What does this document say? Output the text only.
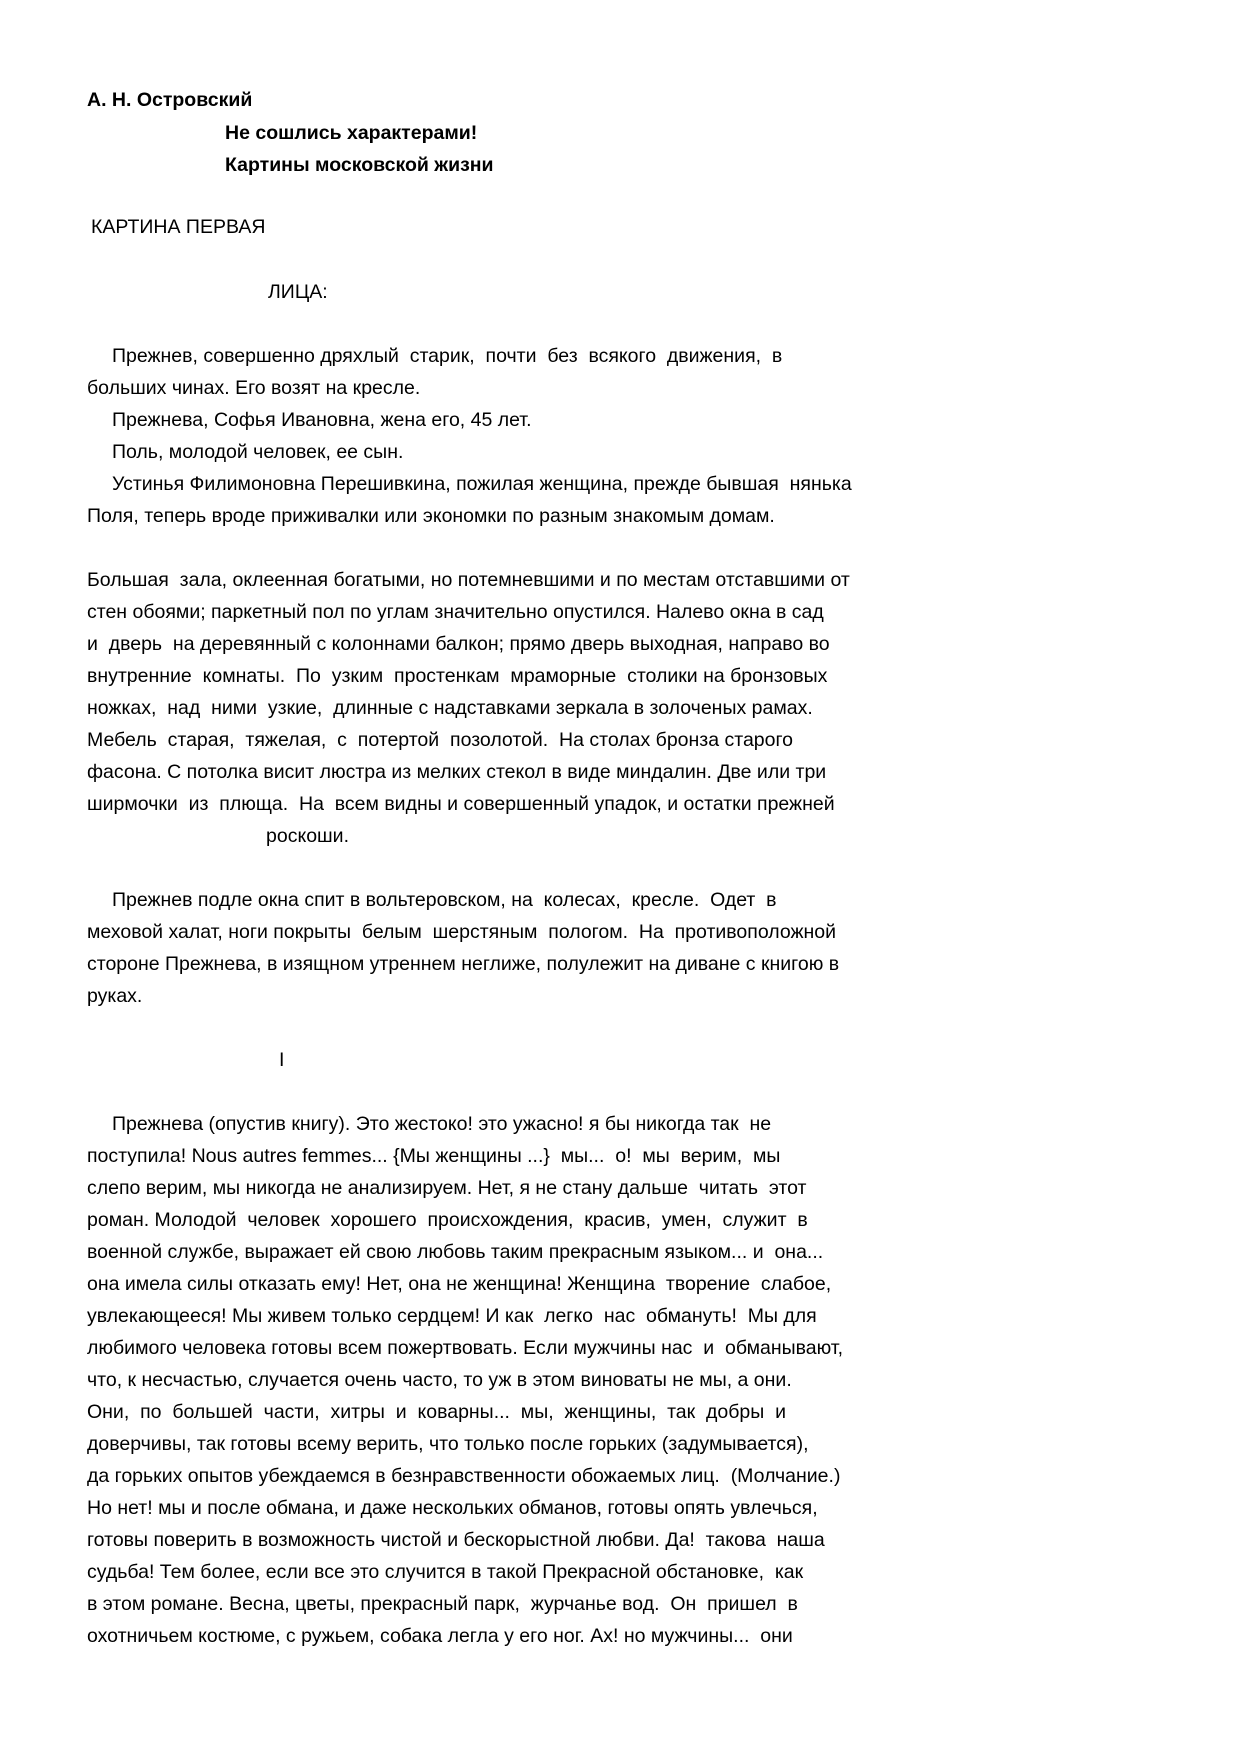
А. Н. Островский

Не сошлись характерами!

Картины московской жизни

КАРТИНА ПЕРВАЯ

ЛИЦА:

Прежнев, совершенно дряхлый  старик,  почти  без  всякого  движения,  в

больших чинах. Его возят на кресле.

Прежнева, Софья Ивановна, жена его, 45 лет.

Поль, молодой человек, ее сын.

Устинья Филимоновна Перешивкина, пожилая женщина, прежде бывшая  нянька

Поля, теперь вроде приживалки или экономки по разным знакомым домам.

Большая  зала, оклеенная богатыми, но потемневшими и по местам отставшими от

стен обоями; паркетный пол по углам значительно опустился. Налево окна в сад

и  дверь  на деревянный с колоннами балкон; прямо дверь выходная, направо во

внутренние  комнаты.  По  узким  простенкам  мраморные  столики на бронзовых

ножках,  над  ними  узкие,  длинные с надставками зеркала в золоченых рамах.

Мебель  старая,  тяжелая,  с  потертой  позолотой.  На столах бронза старого

фасона. С потолка висит люстра из мелких стекол в виде миндалин. Две или три

ширмочки  из  плюща.  На  всем видны и совершенный упадок, и остатки прежней

роскоши.

Прежнев подле окна спит в вольтеровском, на  колесах,  кресле.  Одет  в

меховой халат, ноги покрыты  белым  шерстяным  пологом.  На  противоположной

стороне Прежнева, в изящном утреннем неглиже, полулежит на диване с книгою в

руках.

I

Прежнева (опустив книгу). Это жестоко! это ужасно! я бы никогда так  не

поступила! Nous autres femmes... {Мы женщины ...}  мы...  о!  мы  верим,  мы

слепо верим, мы никогда не анализируем. Нет, я не стану дальше  читать  этот

роман. Молодой  человек  хорошего  происхождения,  красив,  умен,  служит  в

военной службе, выражает ей свою любовь таким прекрасным языком... и  она...

она имела силы отказать ему! Нет, она не женщина! Женщина  творение  слабое,

увлекающееся! Мы живем только сердцем! И как  легко  нас  обмануть!  Мы для

любимого человека готовы всем пожертвовать. Если мужчины нас  и  обманывают,

что, к несчастью, случается очень часто, то уж в этом виноваты не мы, а они.

Они,  по  большей  части,  хитры  и  коварны...  мы,  женщины,  так  добры  и

доверчивы, так готовы всему верить, что только после горьких (задумывается),

да горьких опытов убеждаемся в безнравственности обожаемых лиц.  (Молчание.)

Но нет! мы и после обмана, и даже нескольких обманов, готовы опять увлечься,

готовы поверить в возможность чистой и бескорыстной любви. Да!  такова  наша

судьба! Тем более, если все это случится в такой Прекрасной обстановке,  как

в этом романе. Весна, цветы, прекрасный парк,  журчанье вод.  Он  пришел  в

охотничьем костюме, с ружьем, собака легла у его ног. Ах! но мужчины...  они
